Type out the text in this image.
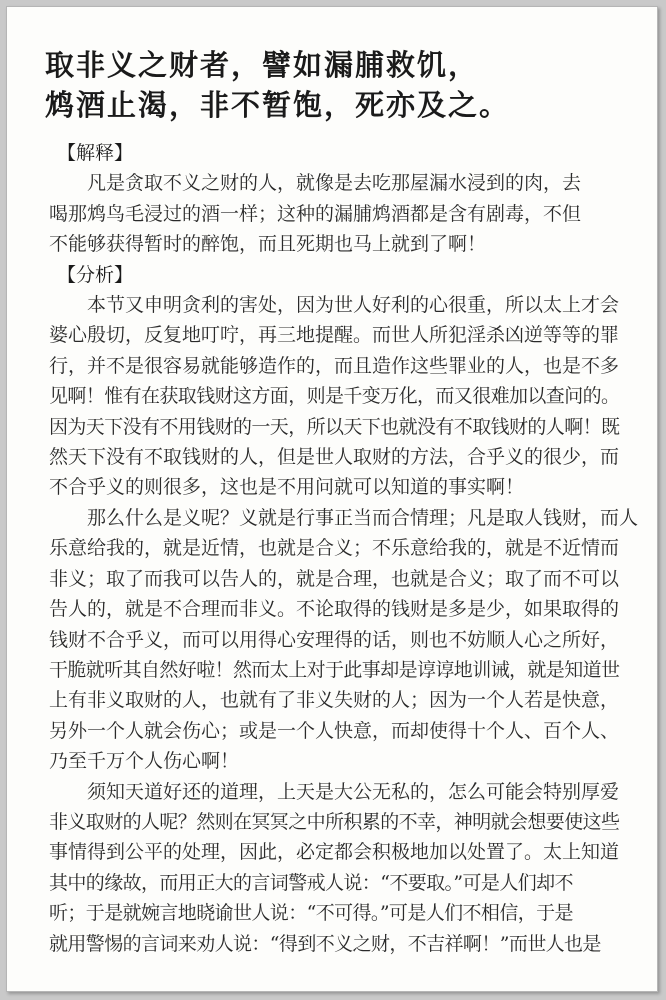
取非义之财者，譬如漏脯救饥，
鸩酒止渴，非不暂饱，死亦及之。
【解释】
凡是贪取不义之财的人，就像是去吃那屋漏水浸到的肉，去
喝那鸩鸟毛浸过的酒一样；这种的漏脯鸩酒都是含有剧毒，不但
不能够获得暂时的醉饱，而且死期也马上就到了啊！
【分析】
本节又申明贪利的害处，因为世人好利的心很重，所以太上才会
婆心殷切，反复地叮咛，再三地提醒。而世人所犯淫杀凶逆等等的罪
行，并不是很容易就能够造作的，而且造作这些罪业的人，也是不多
见啊！惟有在获取钱财这方面，则是千变万化，而又很难加以查问的。
因为天下没有不用钱财的一天，所以天下也就没有不取钱财的人啊！既
然天下没有不取钱财的人，但是世人取财的方法，合乎义的很少，而
不合乎义的则很多，这也是不用问就可以知道的事实啊！
那么什么是义呢？义就是行事正当而合情理；凡是取人钱财，而人
乐意给我的，就是近情，也就是合义；不乐意给我的，就是不近情而
非义；取了而我可以告人的，就是合理，也就是合义；取了而不可以
告人的，就是不合理而非义。不论取得的钱财是多是少，如果取得的
钱财不合乎义，而可以用得心安理得的话，则也不妨顺人心之所好，
干脆就听其自然好啦！然而太上对于此事却是谆谆地训诫，就是知道世
上有非义取财的人，也就有了非义失财的人；因为一个人若是快意，
另外一个人就会伤心；或是一个人快意，而却使得十个人、百个人、
乃至千万个人伤心啊！
须知天道好还的道理，上天是大公无私的，怎么可能会特别厚爱
非义取财的人呢？然则在冥冥之中所积累的不幸，神明就会想要使这些
事情得到公平的处理，因此，必定都会积极地加以处置了。太上知道
其中的缘故，而用正大的言词警戒人说：“不要取。”可是人们却不
听；于是就婉言地晓谕世人说：“不可得。”可是人们不相信，于是
就用警惕的言词来劝人说：“得到不义之财，不吉祥啊！”而世人也是
